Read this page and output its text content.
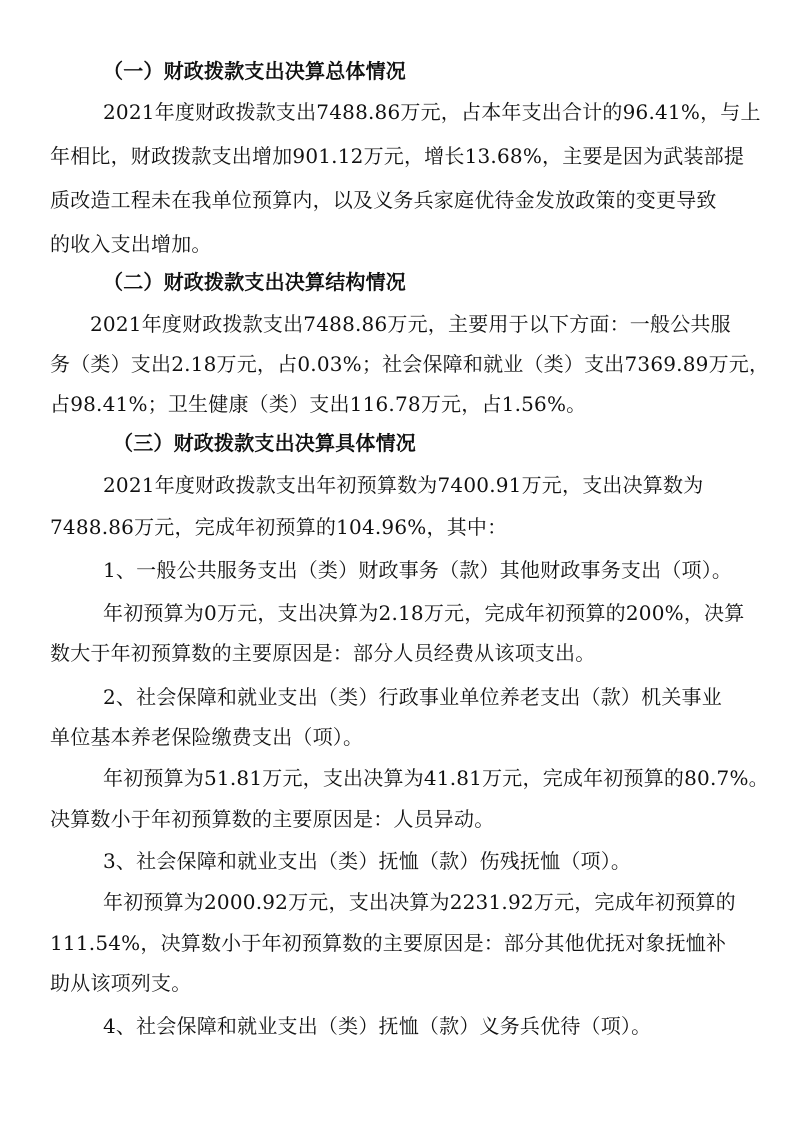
（一）财政拨款支出决算总体情况
2021年度财政拨款支出7488.86万元，占本年支出合计的96.41%，与上
年相比，财政拨款支出增加901.12万元，增长13.68%，主要是因为武装部提
质改造工程未在我单位预算内，以及义务兵家庭优待金发放政策的变更导致
的收入支出增加。
（二）财政拨款支出决算结构情况
2021年度财政拨款支出7488.86万元，主要用于以下方面：一般公共服
务（类）支出2.18万元，占0.03%；社会保障和就业（类）支出7369.89万元，
占98.41%；卫生健康（类）支出116.78万元，占1.56%。
（三）财政拨款支出决算具体情况
2021年度财政拨款支出年初预算数为7400.91万元，支出决算数为
7488.86万元，完成年初预算的104.96%，其中：
1、一般公共服务支出（类）财政事务（款）其他财政事务支出（项）。
年初预算为0万元，支出决算为2.18万元，完成年初预算的200%，决算
数大于年初预算数的主要原因是：部分人员经费从该项支出。
2、社会保障和就业支出（类）行政事业单位养老支出（款）机关事业
单位基本养老保险缴费支出（项）。
年初预算为51.81万元，支出决算为41.81万元，完成年初预算的80.7%。
决算数小于年初预算数的主要原因是：人员异动。
3、社会保障和就业支出（类）抚恤（款）伤残抚恤（项）。
年初预算为2000.92万元，支出决算为2231.92万元，完成年初预算的
111.54%，决算数小于年初预算数的主要原因是：部分其他优抚对象抚恤补
助从该项列支。
4、社会保障和就业支出（类）抚恤（款）义务兵优待（项）。
